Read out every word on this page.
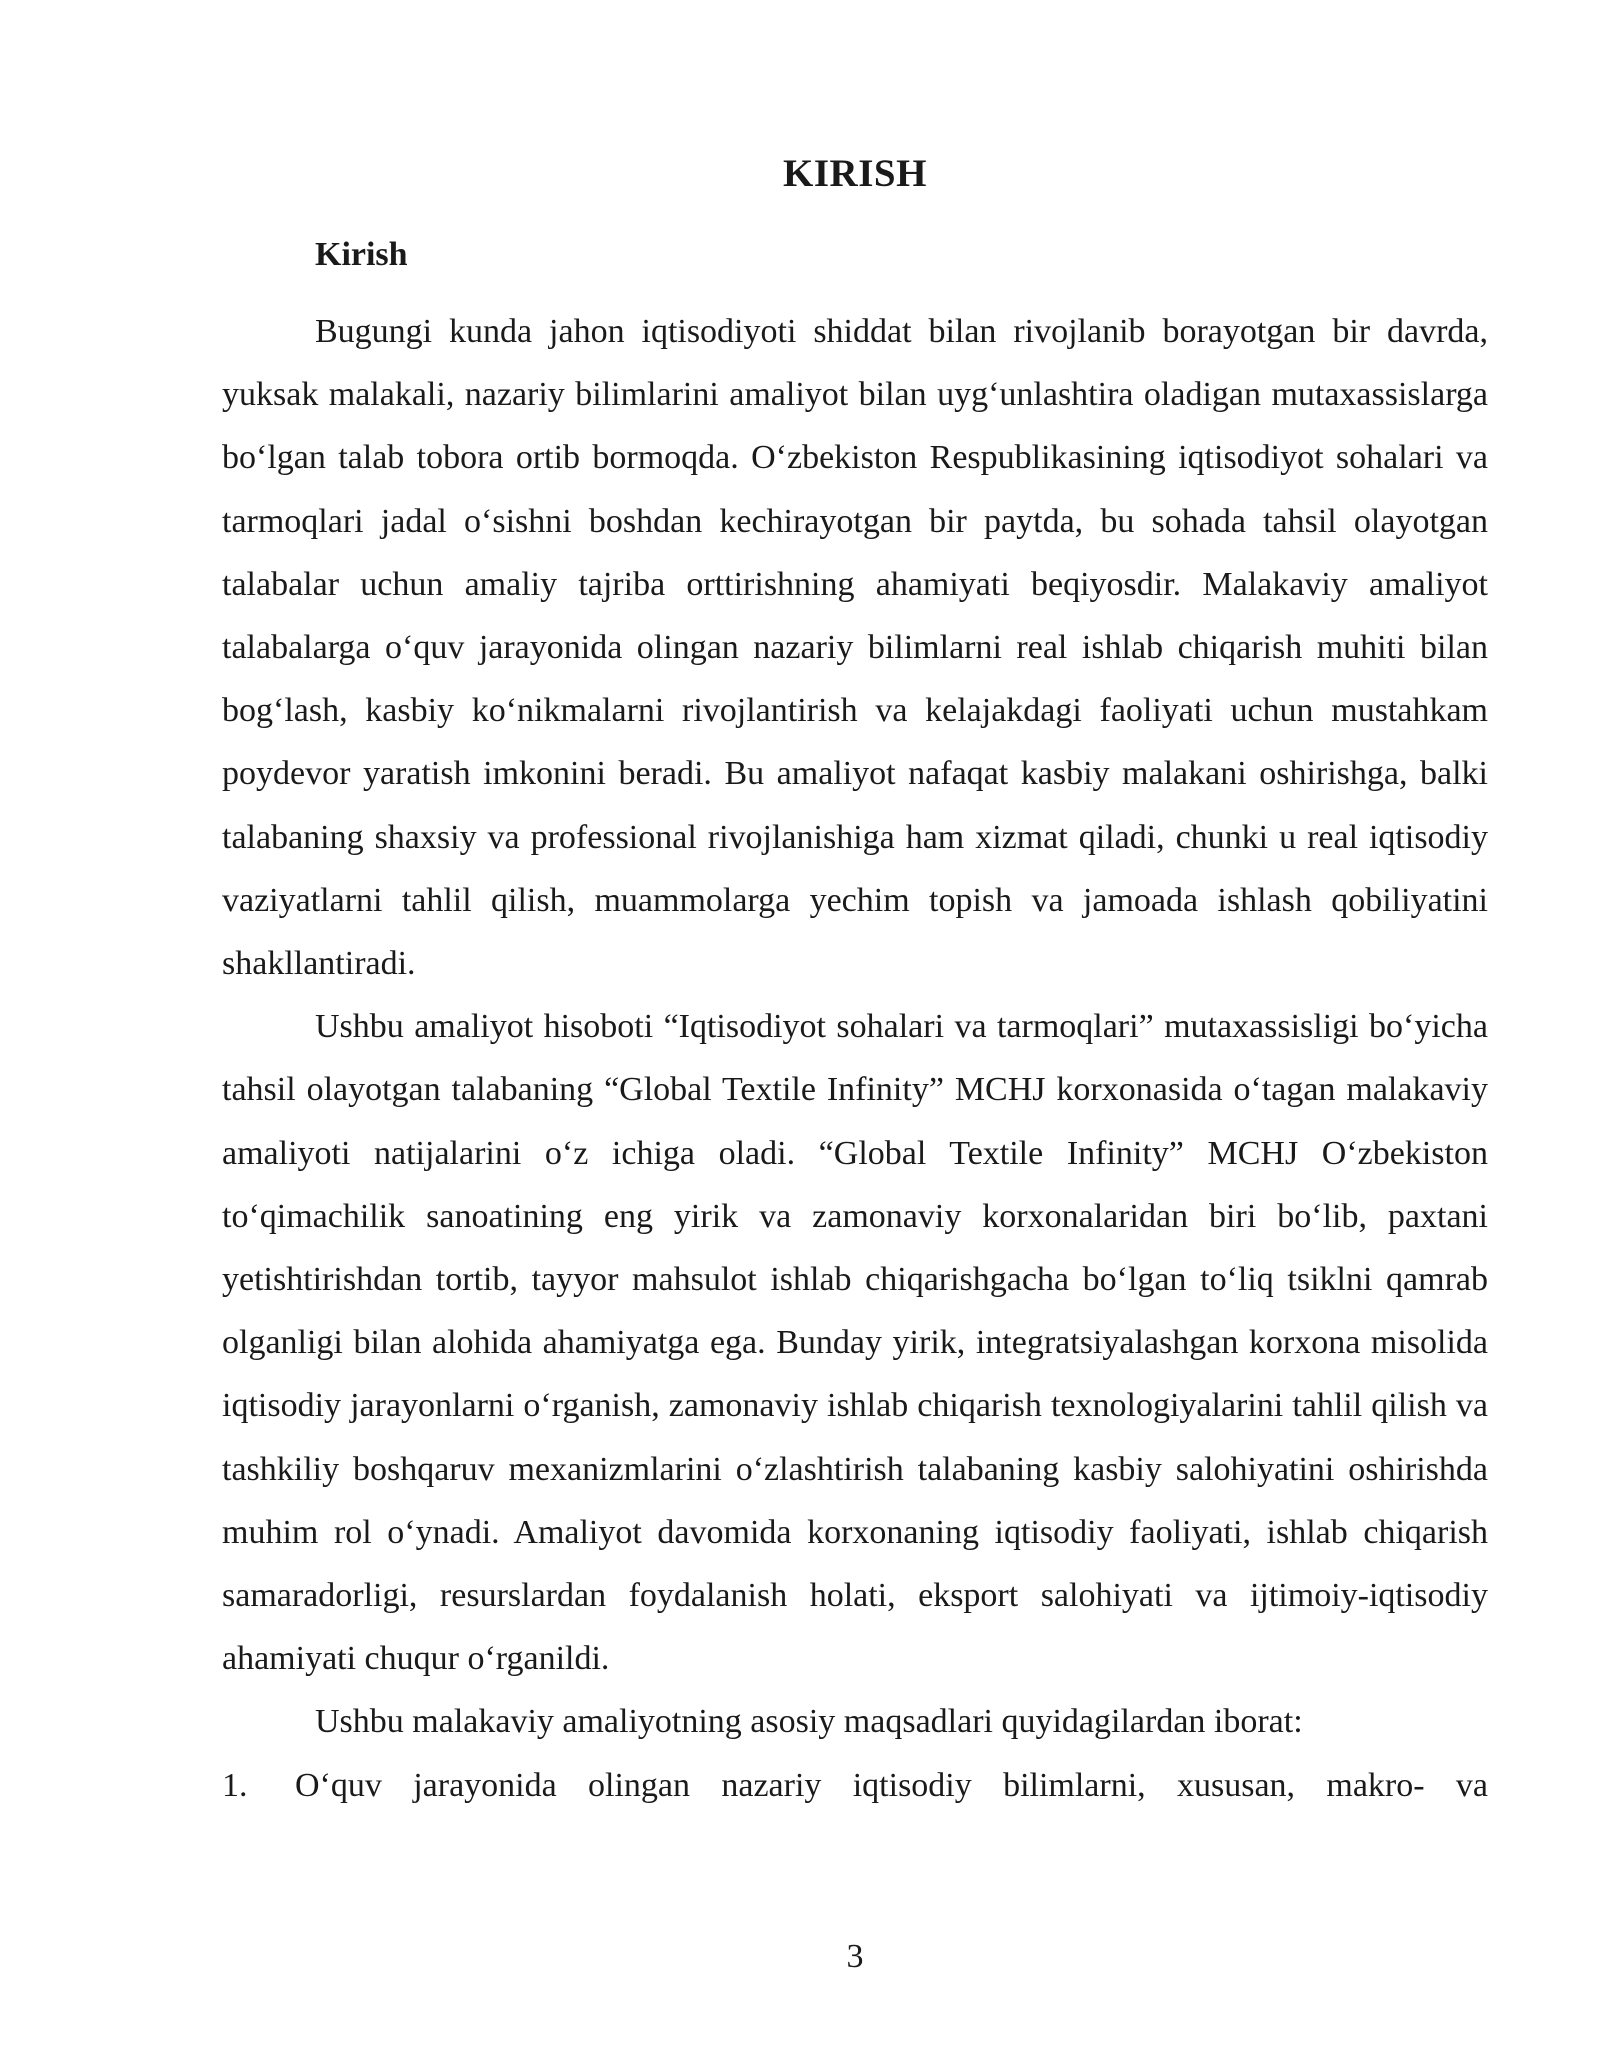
KIRISH
Kirish

Bugungi kunda jahon iqtisodiyoti shiddat bilan rivojlanib borayotgan bir davrda, yuksak malakali, nazariy bilimlarini amaliyot bilan uyg‘unlashtira oladigan mutaxassislarga bo‘lgan talab tobora ortib bormoqda. O‘zbekiston Respublikasining iqtisodiyot sohalari va tarmoqlari jadal o‘sishni boshdan kechirayotgan bir paytda, bu sohada tahsil olayotgan talabalar uchun amaliy tajriba orttirishning ahamiyati beqiyosdir. Malakaviy amaliyot talabalarga o‘quv jarayonida olingan nazariy bilimlarni real ishlab chiqarish muhiti bilan bog‘lash, kasbiy ko‘nikmalarni rivojlantirish va kelajakdagi faoliyati uchun mustahkam poydevor yaratish imkonini beradi. Bu amaliyot nafaqat kasbiy malakani oshirishga, balki talabaning shaxsiy va professional rivojlanishiga ham xizmat qiladi, chunki u real iqtisodiy vaziyatlarni tahlil qilish, muammolarga yechim topish va jamoada ishlash qobiliyatini shakllantiradi.

Ushbu amaliyot hisoboti “Iqtisodiyot sohalari va tarmoqlari” mutaxassisligi bo‘yicha tahsil olayotgan talabaning “Global Textile Infinity” MCHJ korxonasida o‘tagan malakaviy amaliyoti natijalarini o‘z ichiga oladi. “Global Textile Infinity” MCHJ O‘zbekiston to‘qimachilik sanoatining eng yirik va zamonaviy korxonalaridan biri bo‘lib, paxtani yetishtirishdan tortib, tayyor mahsulot ishlab chiqarishgacha bo‘lgan to‘liq tsiklni qamrab olganligi bilan alohida ahamiyatga ega. Bunday yirik, integratsiyalashgan korxona misolida iqtisodiy jarayonlarni o‘rganish, zamonaviy ishlab chiqarish texnologiyalarini tahlil qilish va tashkiliy boshqaruv mexanizmlarini o‘zlashtirish talabaning kasbiy salohiyatini oshirishda muhim rol o‘ynadi. Amaliyot davomida korxonaning iqtisodiy faoliyati, ishlab chiqarish samaradorligi, resurslardan foydalanish holati, eksport salohiyati va ijtimoiy-iqtisodiy ahamiyati chuqur o‘rganildi.

Ushbu malakaviy amaliyotning asosiy maqsadlari quyidagilardan iborat:

1.	O‘quv jarayonida olingan nazariy iqtisodiy bilimlarni, xususan, makro- va
3
